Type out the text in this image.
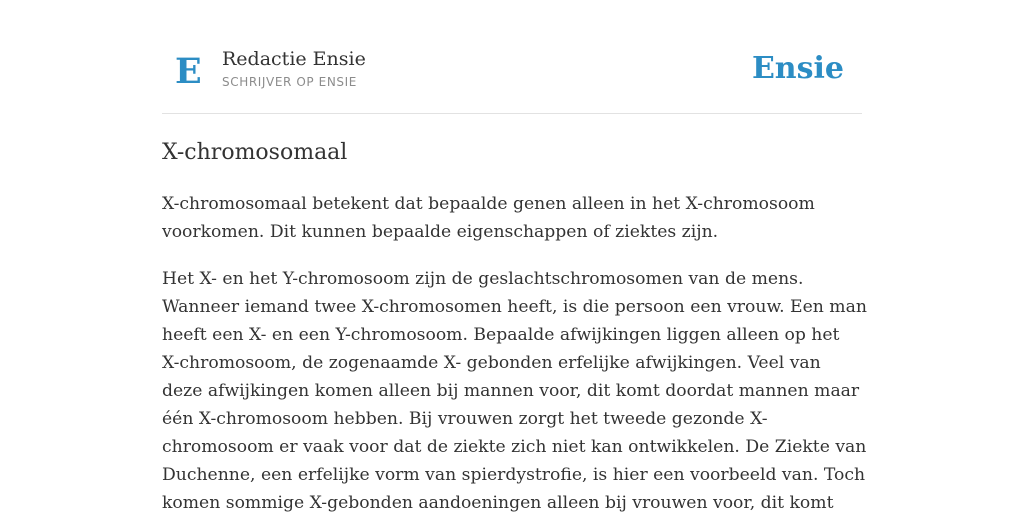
E Redactie Ensie
SCHRIJVER OP ENSIE	Ensie
X-chromosomaal

X-chromosomaal betekent dat bepaalde genen alleen in het X-chromosoom
voorkomen. Dit kunnen bepaalde eigenschappen of ziektes zijn.

Het X- en het Y-chromosoom zijn de geslachtschromosomen van de mens.
Wanneer iemand twee X-chromosomen heeft, is die persoon een vrouw. Een man
heeft een X- en een Y-chromosoom. Bepaalde afwijkingen liggen alleen op het
X-chromosoom, de zogenaamde X- gebonden erfelijke afwijkingen. Veel van
deze afwijkingen komen alleen bij mannen voor, dit komt doordat mannen maar
één X-chromosoom hebben. Bij vrouwen zorgt het tweede gezonde X-
chromosoom er vaak voor dat de ziekte zich niet kan ontwikkelen. De Ziekte van
Duchenne, een erfelijke vorm van spierdystrofie, is hier een voorbeeld van. Toch
komen sommige X-gebonden aandoeningen alleen bij vrouwen voor, dit komt
